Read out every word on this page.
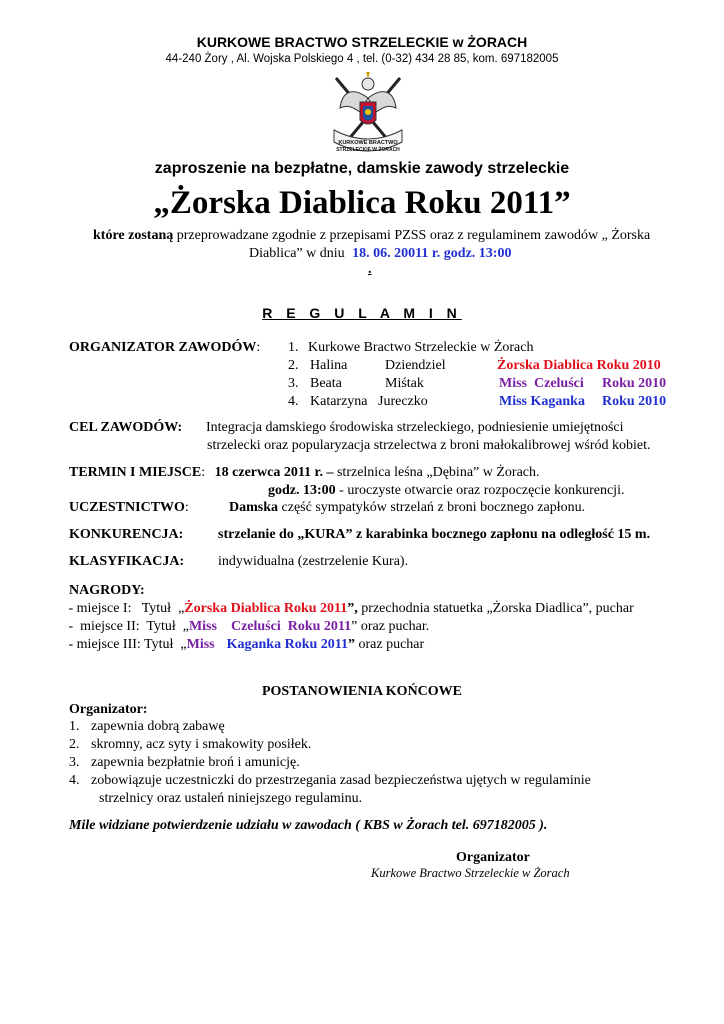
KURKOWE BRACTWO STRZELECKIE w ŻORACH
44-240 Żory , Al. Wojska Polskiego 4 , tel. (0-32) 434 28 85, kom. 697182005
KURKOWE BRACTWO
STRZELECKIE W ŻORACH
zaproszenie na bezpłatne, damskie zawody strzeleckie
„Żorska Diablica Roku 2011”
które zostaną przeprowadzane zgodnie z przepisami PZSS oraz z regulaminem zawodów „ Żorska
Diablica” w dniu 18. 06. 20011 r. godz. 13:00
.
R E G U L A M I N
ORGANIZATOR ZAWODÓW: 1. Kurkowe Bractwo Strzeleckie w Żorach
2. Halina	Dziendziel	Żorska Diablica Roku 2010
3. Beata	Miśtak	Miss  Czeluści Roku 2010
4. Katarzyna Jureczko	Miss Kaganka Roku 2010
CEL ZAWODÓW: Integracja damskiego środowiska strzeleckiego, podniesienie umiejętności
strzelecki oraz popularyzacja strzelectwa z broni małokalibrowej wśród kobiet.
TERMIN I MIEJSCE: 18 czerwca 2011 r. – strzelnica leśna „Dębina” w Żorach.
godz. 13:00 - uroczyste otwarcie oraz rozpoczęcie konkurencji.
UCZESTNICTWO:	Damska część sympatyków strzelań z broni bocznego zapłonu.
KONKURENCJA: strzelanie do „KURA” z karabinka bocznego zapłonu na odległość 15 m.
KLASYFIKACJA: indywidualna (zestrzelenie Kura).
NAGRODY:
- miejsce I:   Tytuł  „Żorska Diablica Roku 2011”, przechodnia statuetka „Żorska Diadlica”, puchar
-  miejsce II:  Tytuł  „Miss    Czeluści  Roku 2011” oraz puchar.
- miejsce III: Tytuł  „Miss Kaganka Roku 2011” oraz puchar
POSTANOWIENIA KOŃCOWE
Organizator:
1. zapewnia dobrą zabawę
2. skromny, acz syty i smakowity posiłek.
3. zapewnia bezpłatnie broń i amunicję.
4. zobowiązuje uczestniczki do przestrzegania zasad bezpieczeństwa ujętych w regulaminie
strzelnicy oraz ustaleń niniejszego regulaminu.
Mile widziane potwierdzenie udziału w zawodach ( KBS w Żorach tel. 697182005 ).
Organizator
Kurkowe Bractwo Strzeleckie w Żorach
